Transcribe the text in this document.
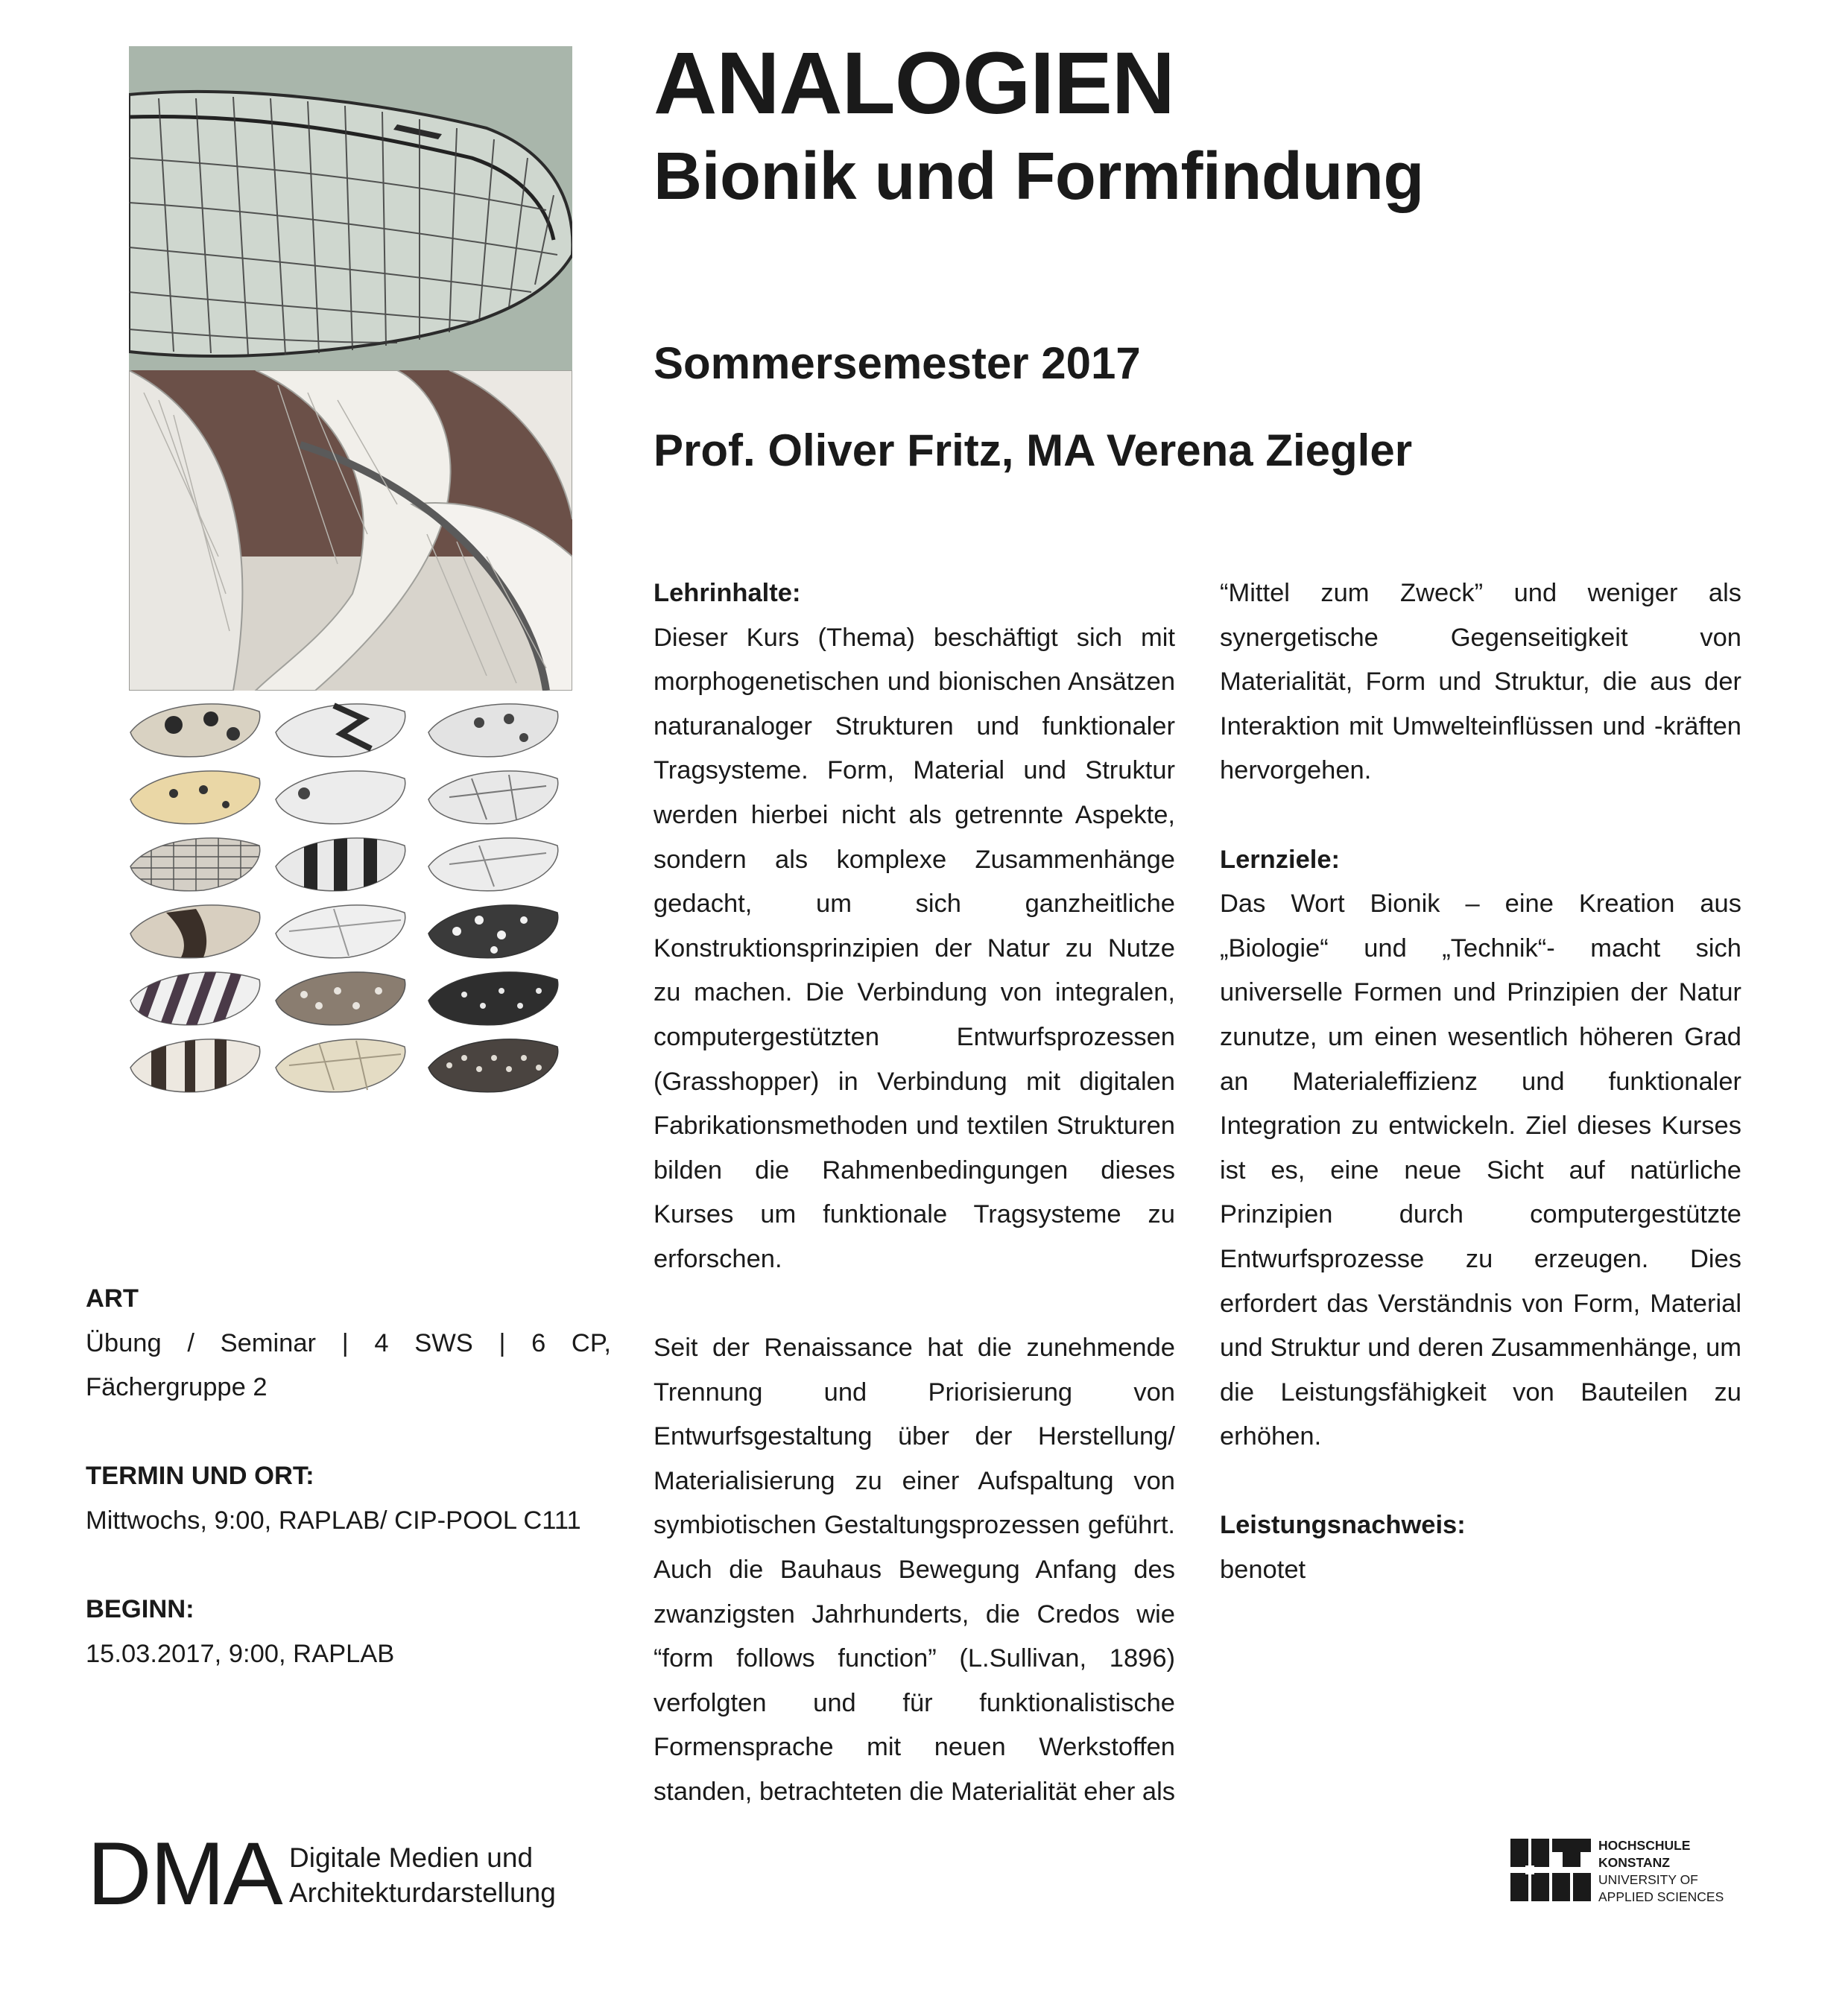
ANALOGIEN
Bionik und Formfindung
Sommersemester 2017
Prof. Oliver Fritz, MA Verena Ziegler

ART

Übung / Seminar | 4 SWS | 6 CP, Fächergruppe 2

TERMIN UND ORT:

Mittwochs, 9:00, RAPLAB/ CIP-POOL C111

BEGINN:

15.03.2017, 9:00, RAPLAB

Lehrinhalte:

Dieser Kurs (Thema) beschäftigt sich mit morphogenetischen und bionischen Ansätzen naturanaloger Strukturen und funktionaler Tragsysteme. Form, Material und Struktur werden hierbei nicht als getrennte Aspekte, sondern als komplexe Zusammenhänge gedacht, um sich ganzheitliche Konstruktionsprinzipien der Natur zu Nutze zu machen. Die Verbindung von integralen, computergestützten Entwurfsprozessen (Grasshopper) in Verbindung mit digitalen Fabrikationsmethoden und textilen Strukturen bilden die Rahmenbedingungen dieses Kurses um funktionale Tragsysteme zu erforschen.

Seit der Renaissance hat die zunehmende Trennung und Priorisierung von Entwurfsgestaltung über der Herstellung/ Materialisierung zu einer Aufspaltung von symbiotischen Gestaltungsprozessen geführt. Auch die Bauhaus Bewegung Anfang des zwanzigsten Jahrhunderts, die Credos wie “form follows function” (L.Sullivan, 1896) verfolgten und für funktionalistische Formensprache mit neuen Werkstoffen standen, betrachteten die Materialität eher als

“Mittel zum Zweck” und weniger als synergetische Gegenseitigkeit von Materialität, Form und Struktur, die aus der Interaktion mit Umwelteinflüssen und -kräften hervorgehen.

Lernziele:

Das Wort Bionik – eine Kreation aus „Biologie“ und „Technik“- macht sich universelle Formen und Prinzipien der Natur zunutze, um einen wesentlich höheren Grad an Materialeffizienz und funktionaler Integration zu entwickeln. Ziel dieses Kurses ist es, eine neue Sicht auf natürliche Prinzipien durch computergestützte Entwurfsprozesse zu erzeugen. Dies erfordert das Verständnis von Form, Material und Struktur und deren Zusammenhänge, um die Leistungsfähigkeit von Bauteilen zu erhöhen.

Leistungsnachweis:

benotet

DMA Digitale Medien und
Architekturdarstellung
HOCHSCHULE
KONSTANZ
UNIVERSITY OF
APPLIED SCIENCES
